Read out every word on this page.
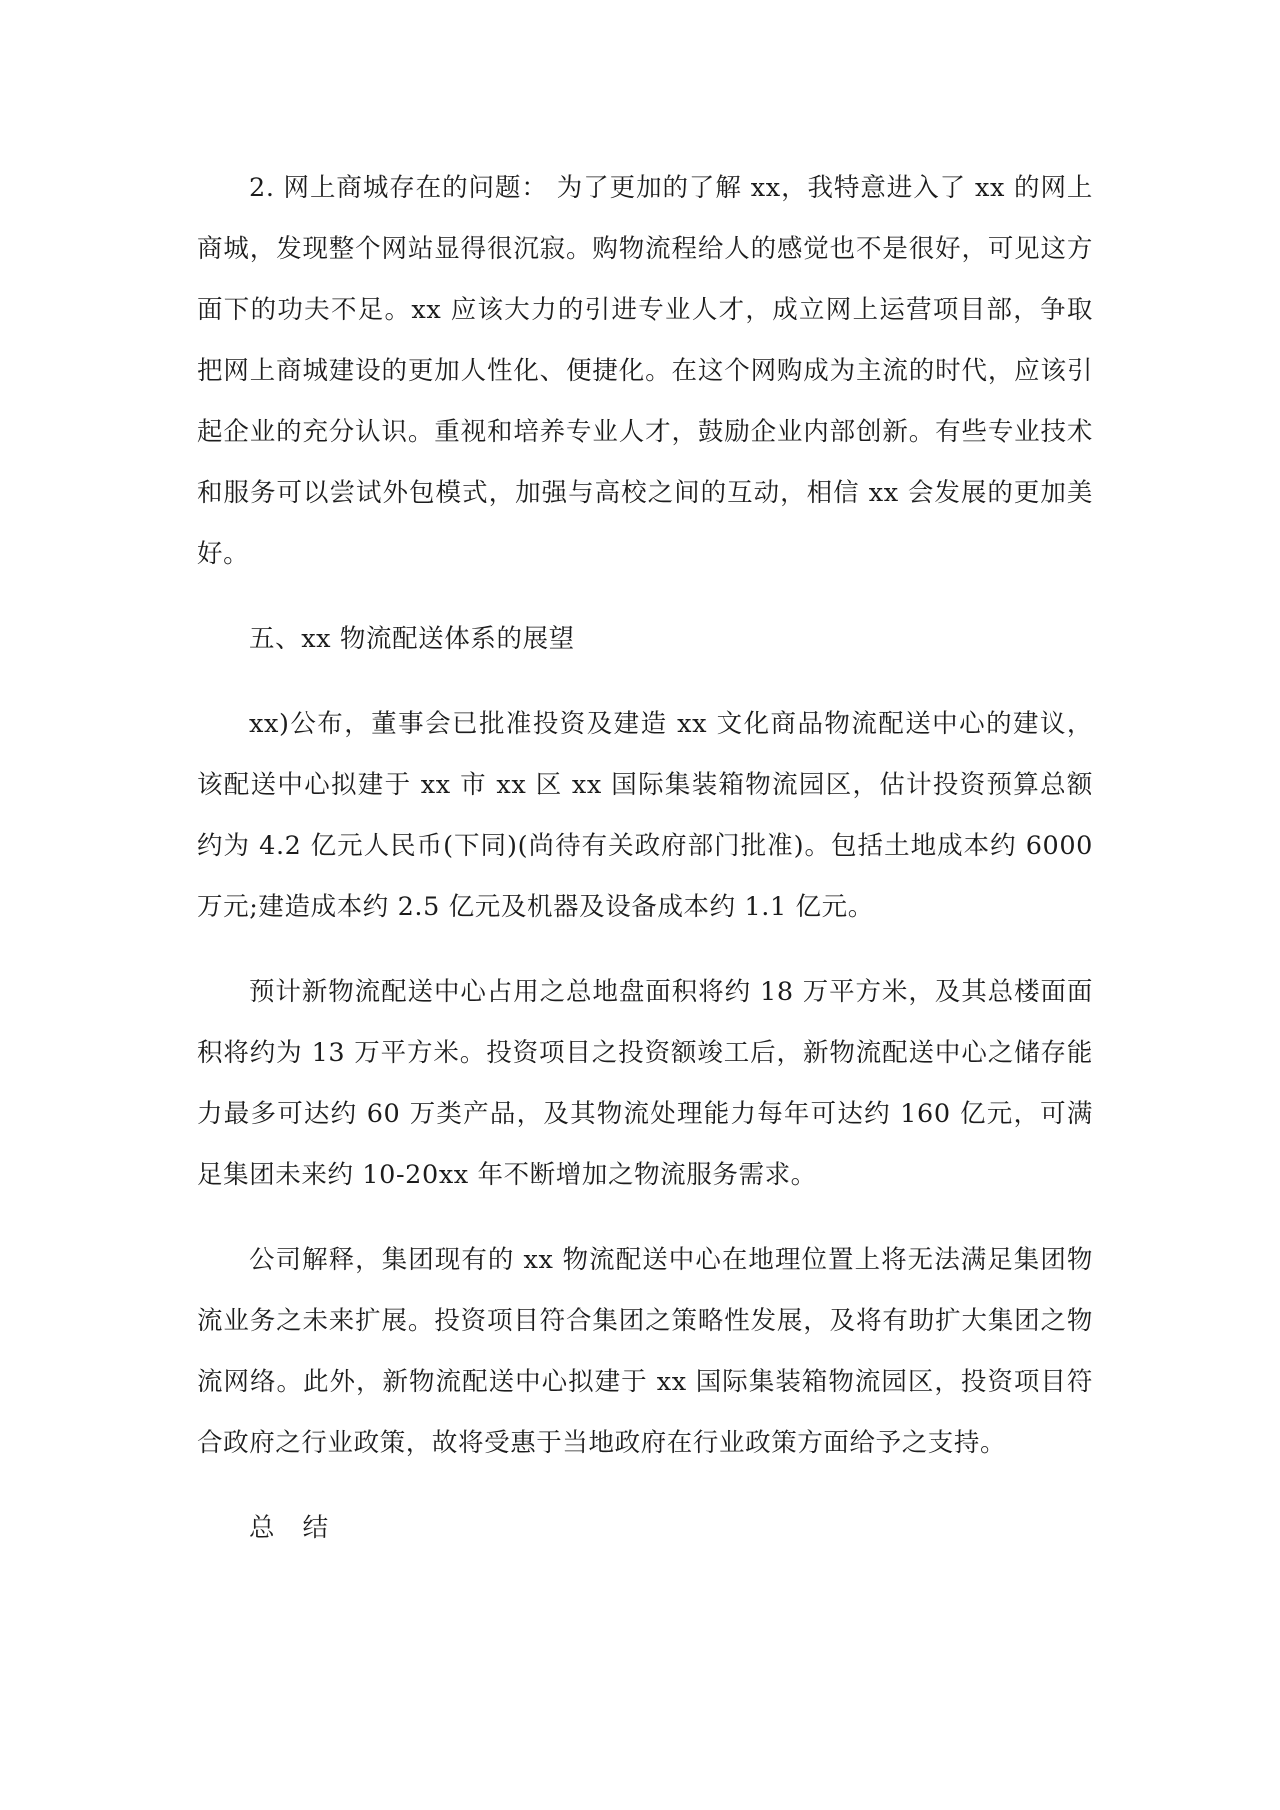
2. 网上商城存在的问题： 为了更加的了解 xx，我特意进入了 xx 的网上商城，发现整个网站显得很沉寂。购物流程给人的感觉也不是很好，可见这方面下的功夫不足。xx 应该大力的引进专业人才，成立网上运营项目部，争取把网上商城建设的更加人性化、便捷化。在这个网购成为主流的时代，应该引起企业的充分认识。重视和培养专业人才，鼓励企业内部创新。有些专业技术和服务可以尝试外包模式，加强与高校之间的互动，相信 xx 会发展的更加美好。

五、xx 物流配送体系的展望

xx)公布，董事会已批准投资及建造 xx 文化商品物流配送中心的建议，该配送中心拟建于 xx 市 xx 区 xx 国际集装箱物流园区，估计投资预算总额约为 4.2 亿元人民币(下同)(尚待有关政府部门批准)。包括土地成本约 6000 万元;建造成本约 2.5 亿元及机器及设备成本约 1.1 亿元。

预计新物流配送中心占用之总地盘面积将约 18 万平方米，及其总楼面面积将约为 13 万平方米。投资项目之投资额竣工后，新物流配送中心之储存能力最多可达约 60 万类产品，及其物流处理能力每年可达约 160 亿元，可满足集团未来约 10-20xx 年不断增加之物流服务需求。

公司解释，集团现有的 xx 物流配送中心在地理位置上将无法满足集团物流业务之未来扩展。投资项目符合集团之策略性发展，及将有助扩大集团之物流网络。此外，新物流配送中心拟建于 xx 国际集装箱物流园区，投资项目符合政府之行业政策，故将受惠于当地政府在行业政策方面给予之支持。

总 结
